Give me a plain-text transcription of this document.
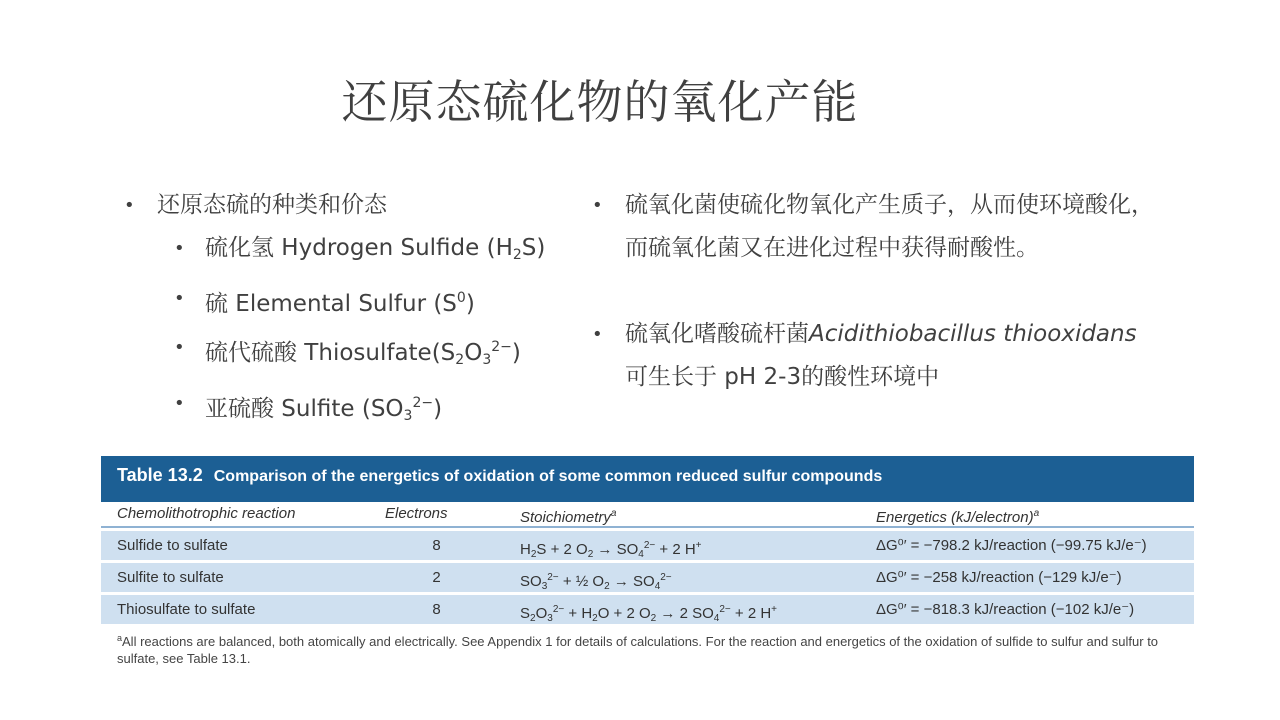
还原态硫化物的氧化产能
• 还原态硫的种类和价态
• 硫化氢 Hydrogen Sulfide $(H_2S)$
• 硫 Elemental Sulfur $(S^0)$
• 硫代硫酸 $Thiosulfate(S_2O_3^{2-})$
• 亚硫酸 Sulfite $(SO_3^{2-})$
• 硫氧化菌使硫化物氧化产生质子，从而使环境酸化，而硫氧化菌又在进化过程中获得耐酸性。
• 硫氧化嗜酸硫杆菌Acidithiobacillus thiooxidans
可生长于 pH 2-3的酸性环境中
Table 13.2 Comparison of the energetics of oxidation of some common reduced sulfur compounds
Chemolithotrophic reaction	Electrons	Stoichiometry$^a$	Energetics (kJ/electron)$^a$
Sulfide to sulfate	8	$H_2S + 2$ $O_2 \to SO_4^{2-} + 2$ H+	ΔG⁰′ = −798.2 kJ/reaction (−99.75 kJ/e⁻)
Sulfite to sulfate	2	$SO_3^{2-}$ + ½ $O_2 \to SO_4^{2-}$	ΔG⁰′ = −258 kJ/reaction (−129 kJ/e⁻)
Thiosulfate to sulfate	8	$S_2O_3^{2-} + H_2O + 2$ $O_2 \to 2$ $SO_4^{2-} + 2$ H+	ΔG⁰′ = −818.3 kJ/reaction (−102 kJ/e⁻)
$^a$All reactions are balanced, both atomically and electrically. See Appendix 1 for details of calculations. For the reaction and energetics of the oxidation of sulfide to sulfur and sulfur to sulfate, see Table 13.1.
